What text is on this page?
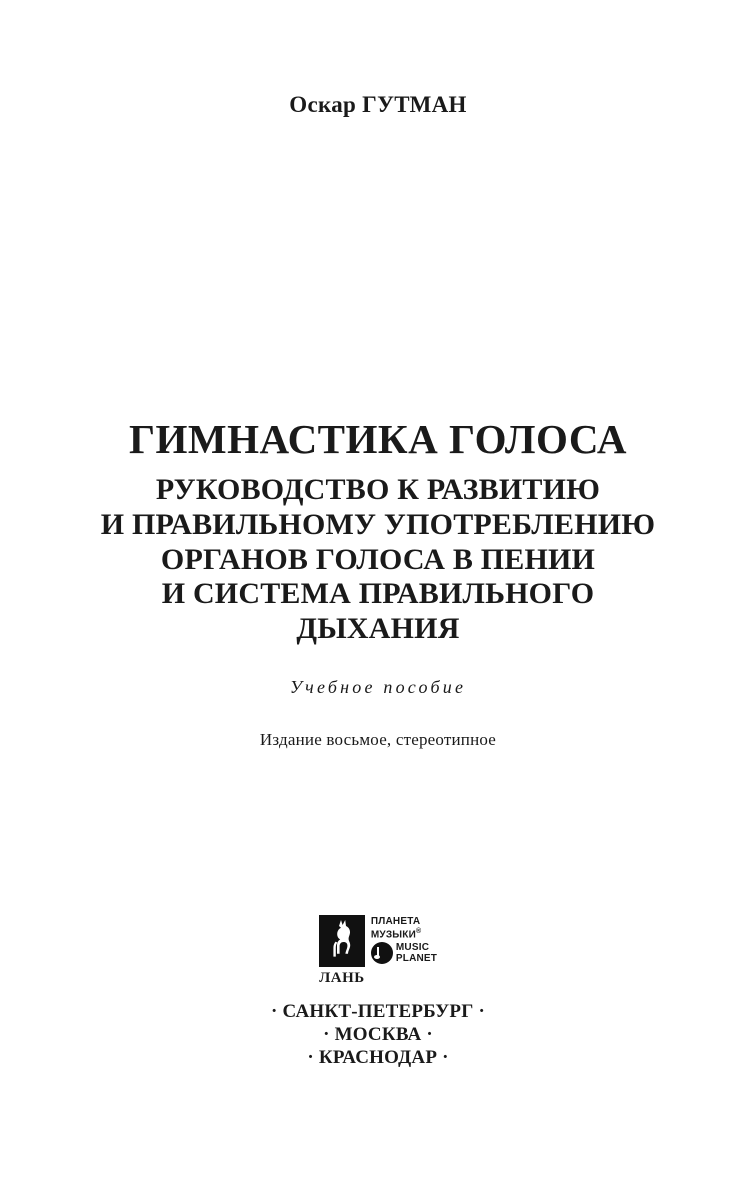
Оскар ГУТМАН
ГИМНАСТИКА ГОЛОСА
РУКОВОДСТВО К РАЗВИТИЮ
И ПРАВИЛЬНОМУ УПОТРЕБЛЕНИЮ
ОРГАНОВ ГОЛОСА В ПЕНИИ
И СИСТЕМА ПРАВИЛЬНОГО
ДЫХАНИЯ
Учебное пособие
Издание восьмое, стереотипное
ЛАНЬ
ПЛАНЕТА
МУЗЫКИ®
MUSIC
PLANET
· САНКТ-ПЕТЕРБУРГ ·
· МОСКВА ·
· КРАСНОДАР ·
